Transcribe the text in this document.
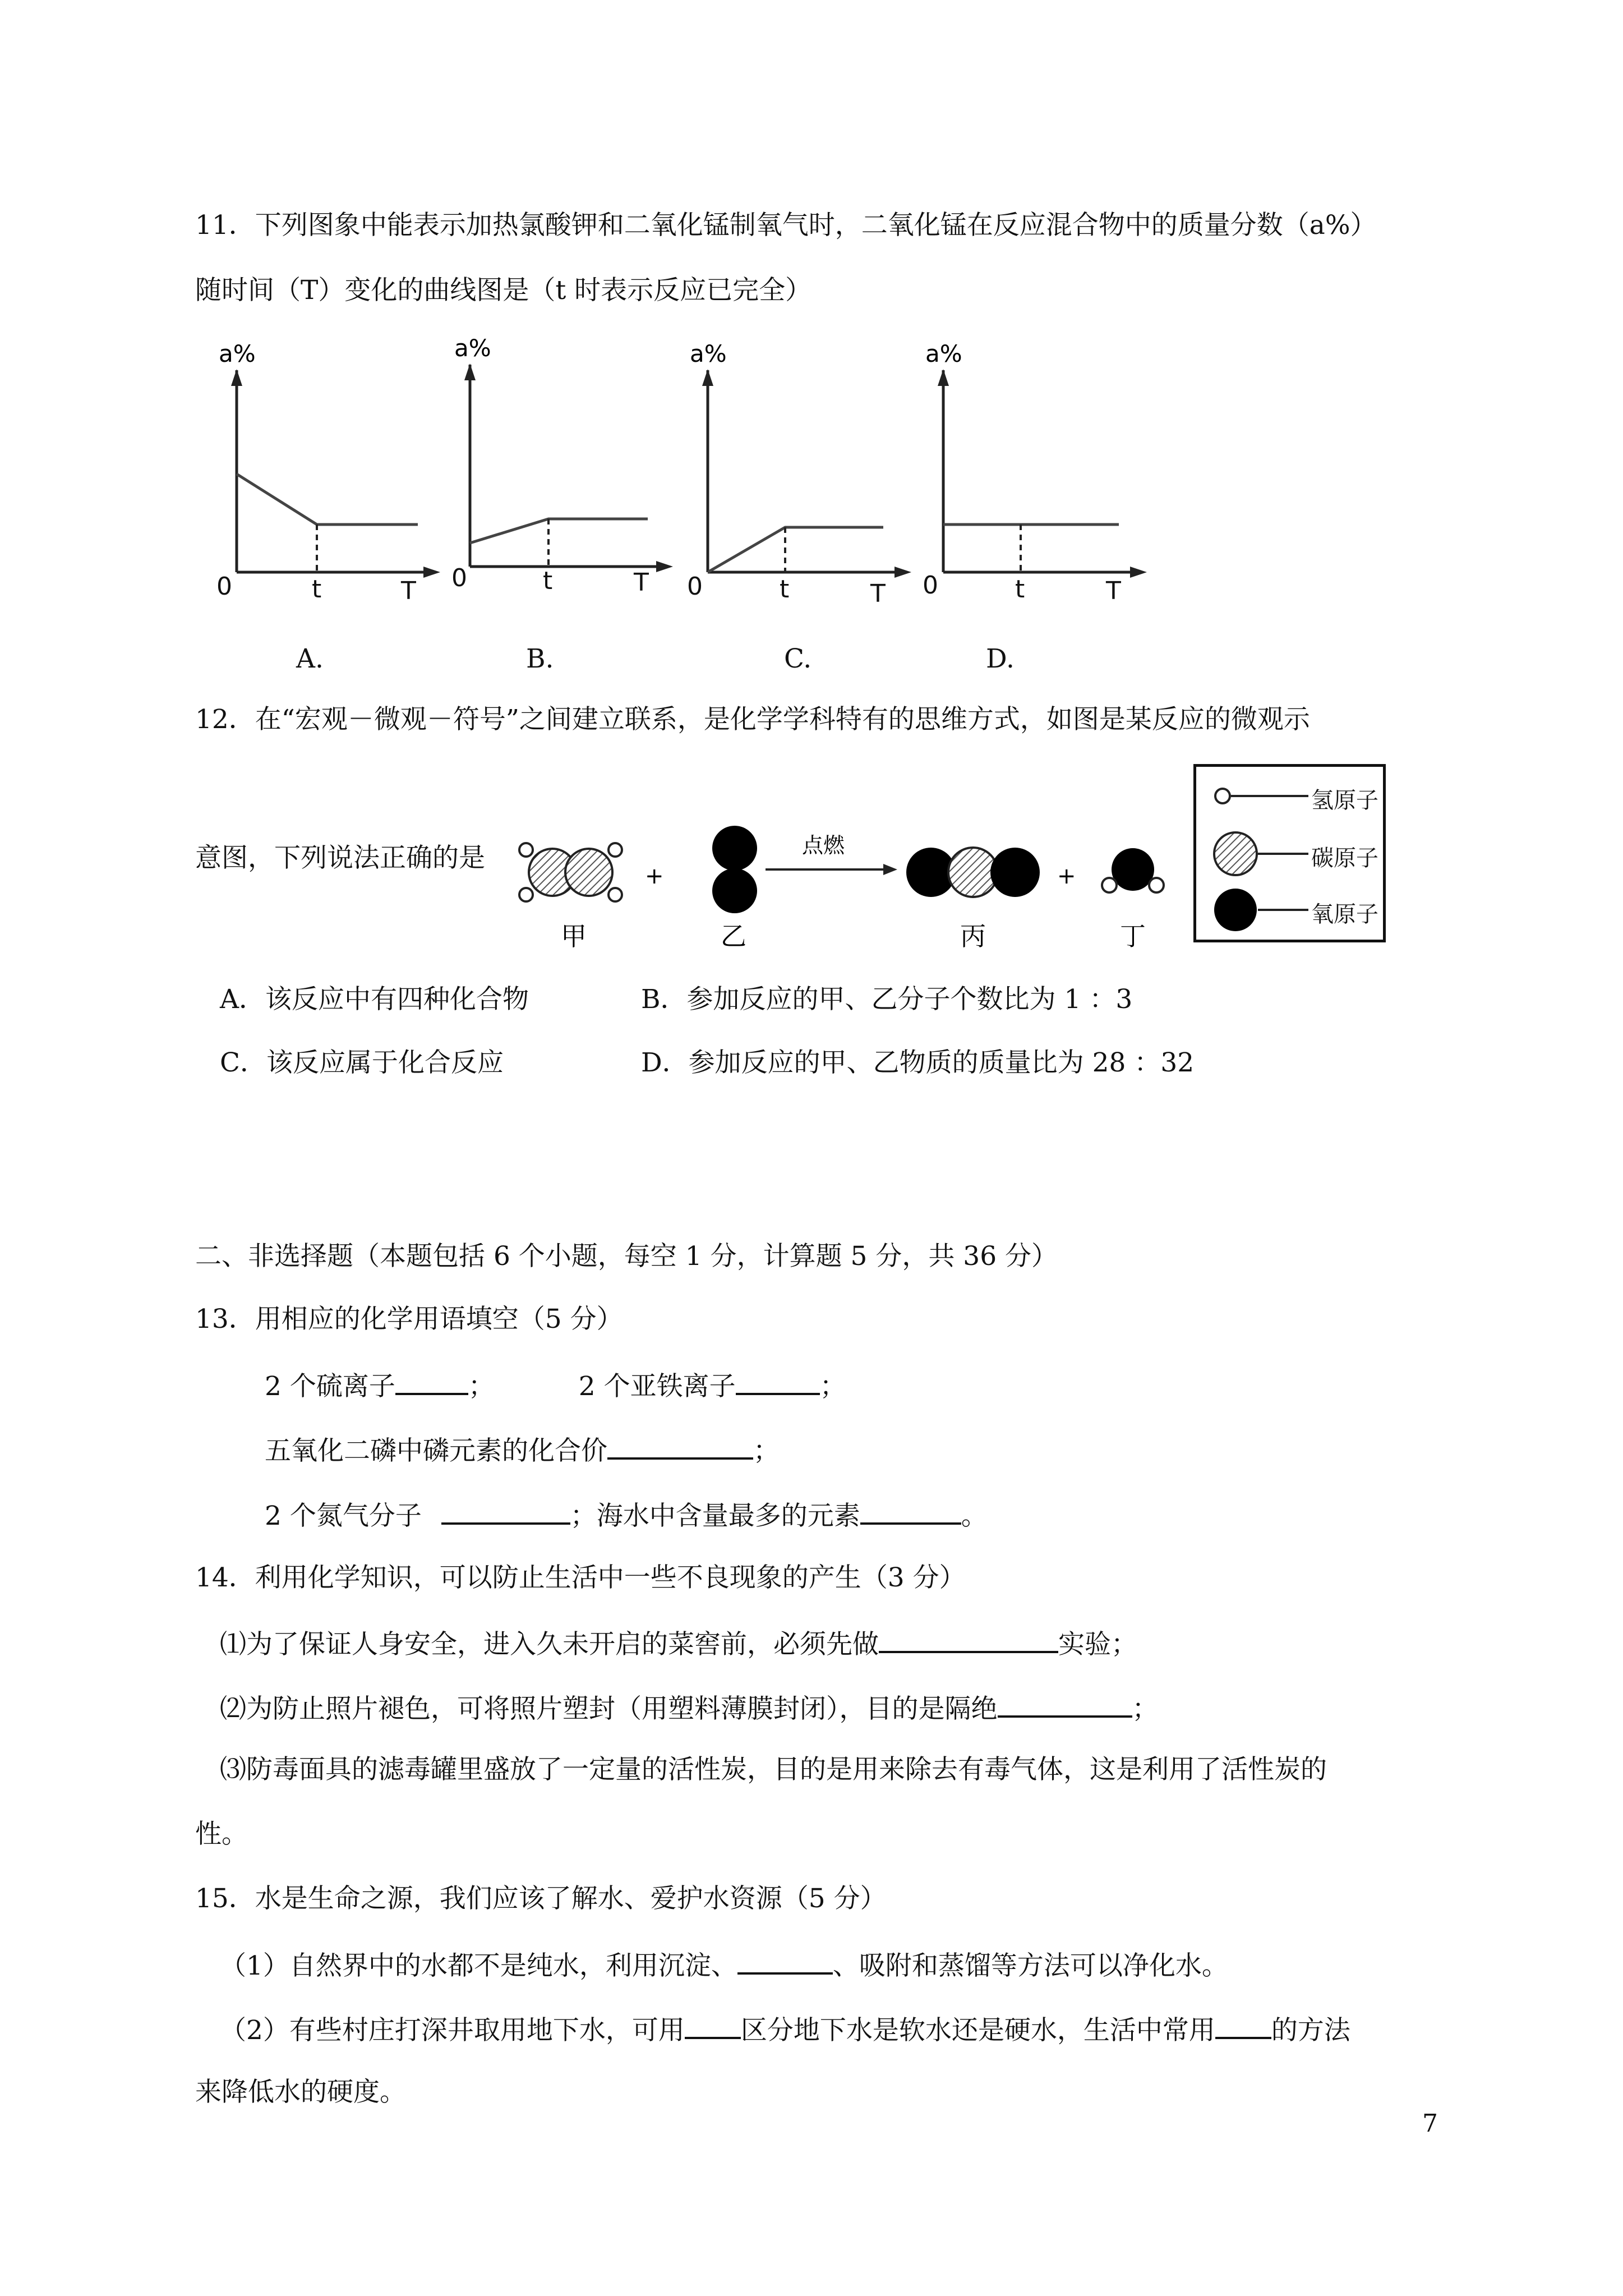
11．下列图象中能表示加热氯酸钾和二氧化锰制氧气时，二氧化锰在反应混合物中的质量分数（a%）
随时间（T）变化的曲线图是（t 时表示反应已完全）
a%
0	t	T
A.
a%
0	t	T
B.
a%
0	t	T
C.
a%
0	t	T
D.
12．在“宏观－微观－符号”之间建立联系，是化学学科特有的思维方式，如图是某反应的微观示
意图，下列说法正确的是
+
点燃
+
甲	乙	丙	丁
氢原子
碳原子
氧原子
A．该反应中有四种化合物	B．参加反应的甲、乙分子个数比为 1 ：3
C．该反应属于化合反应	D．参加反应的甲、乙物质的质量比为 28 ：32
二、非选择题（本题包括 6 个小题，每空 1 分，计算题 5 分，共 36 分）
13．用相应的化学用语填空（5 分）
2 个硫离子	；	2 个亚铁离子	；
五氧化二磷中磷元素的化合价	；
2 个氮气分子	；海水中含量最多的元素	。
14．利用化学知识，可以防止生活中一些不良现象的产生（3 分）
⑴为了保证人身安全，进入久未开启的菜窖前，必须先做	实验；
⑵为防止照片褪色，可将照片塑封（用塑料薄膜封闭），目的是隔绝	；
⑶防毒面具的滤毒罐里盛放了一定量的活性炭，目的是用来除去有毒气体，这是利用了活性炭的
性。
15．水是生命之源，我们应该了解水、爱护水资源（5 分）
（1）自然界中的水都不是纯水，利用沉淀、	、吸附和蒸馏等方法可以净化水。
（2）有些村庄打深井取用地下水，可用 区分地下水是软水还是硬水，生活中常用 的方法
来降低水的硬度。
7
